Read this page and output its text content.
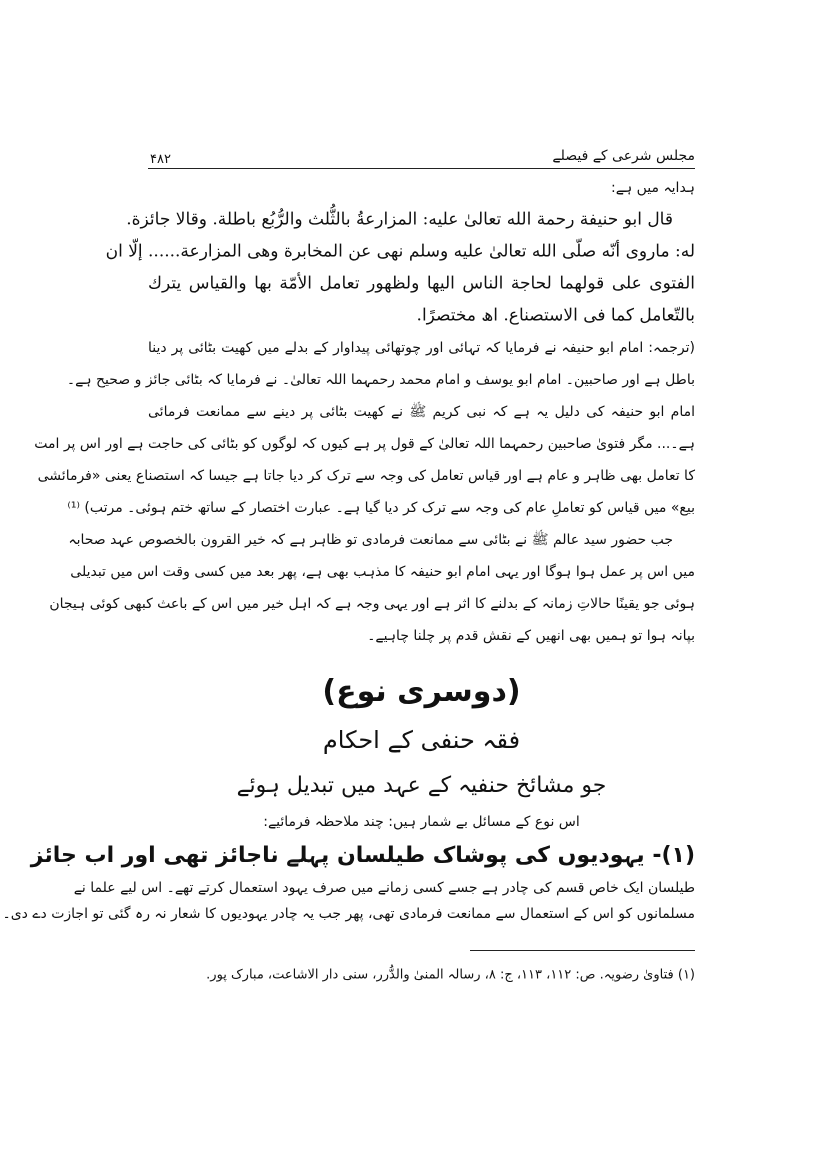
مجلس شرعی کے فیصلے
۴۸۲
ہدایہ میں ہے:
قال ابو حنیفة رحمة الله تعالیٰ علیه: المزارعةُ بالثُّلث والرُّبُع باطلة. وقالا جائزة.
له: ماروی أنّه صلّی الله تعالیٰ علیه وسلم نهی عن المخابرة وهی المزارعة...... إلّا ان
الفتوی علی قولهما لحاجة الناس الیها ولظهور تعامل الأمّة بها والقیاس یترك
بالتّعامل کما فی الاستصناع. اھ مختصرًا.
(ترجمہ: امام ابو حنیفہ نے فرمایا کہ تہائی اور چوتھائی پیداوار کے بدلے میں کھیت بٹائی پر دینا
باطل ہے اور صاحبین۔ امام ابو یوسف و امام محمد رحمہما اللہ تعالیٰ۔ نے فرمایا کہ بٹائی جائز و صحیح ہے۔
امام ابو حنیفہ کی دلیل یہ ہے کہ نبی کریم ﷺ نے کھیت بٹائی پر دینے سے ممانعت فرمائی
ہے۔... مگر فتویٰ صاحبین رحمہما اللہ تعالیٰ کے قول پر ہے کیوں کہ لوگوں کو بٹائی کی حاجت ہے اور اس پر امت
کا تعامل بھی ظاہر و عام ہے اور قیاس تعامل کی وجہ سے ترک کر دیا جاتا ہے جیسا کہ استصناع یعنی «فرمائشی
بیع» میں قیاس کو تعاملِ عام کی وجہ سے ترک کر دیا گیا ہے۔ عبارت اختصار کے ساتھ ختم ہوئی۔ مرتب) ⁽¹⁾
جب حضور سید عالم ﷺ نے بٹائی سے ممانعت فرمادی تو ظاہر ہے کہ خیر القرون بالخصوص عہد صحابہ
میں اس پر عمل ہوا ہوگا اور یہی امام ابو حنیفہ کا مذہب بھی ہے، پھر بعد میں کسی وقت اس میں تبدیلی
ہوئی جو یقینًا حالاتِ زمانہ کے بدلنے کا اثر ہے اور یہی وجہ ہے کہ اہل خیر میں اس کے باعث کبھی کوئی ہیجان
بپانہ ہوا تو ہمیں بھی انھیں کے نقش قدم پر چلنا چاہیے۔
(دوسری نوع)
فقہ حنفی کے احکام
جو مشائخ حنفیہ کے عہد میں تبدیل ہوئے
اس نوع کے مسائل بے شمار ہیں: چند ملاحظہ فرمائیے:
(۱)- یہودیوں کی پوشاک طیلسان پہلے ناجائز تھی اور اب جائز
طیلسان ایک خاص قسم کی چادر ہے جسے کسی زمانے میں صرف یہود استعمال کرتے تھے۔ اس لیے علما نے
مسلمانوں کو اس کے استعمال سے ممانعت فرمادی تھی، پھر جب یہ چادر یہودیوں کا شعار نہ رہ گئی تو اجازت دے دی۔
(۱) فتاویٰ رضویہ. ص: ۱۱۲، ۱۱۳، ج: ۸، رسالہ المنیٰ والدُّرر، سنی دار الاشاعت، مبارک پور.
